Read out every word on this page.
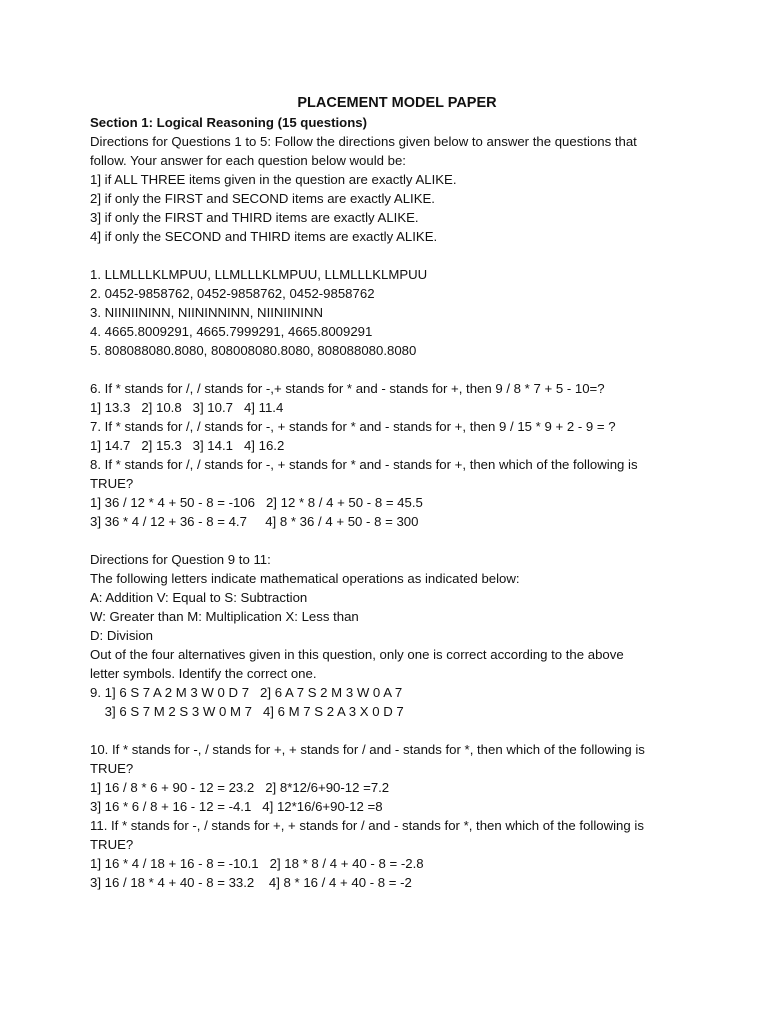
PLACEMENT MODEL PAPER
Section 1: Logical Reasoning (15 questions)
Directions for Questions 1 to 5: Follow the directions given below to answer the questions that
follow. Your answer for each question below would be:
1] if ALL THREE items given in the question are exactly ALIKE.
2] if only the FIRST and SECOND items are exactly ALIKE.
3] if only the FIRST and THIRD items are exactly ALIKE.
4] if only the SECOND and THIRD items are exactly ALIKE.
1. LLMLLLKLMPUU, LLMLLLKLMPUU, LLMLLLKLMPUU
2. 0452-9858762, 0452-9858762, 0452-9858762
3. NIINIININN, NIININNINN, NIINIININN
4. 4665.8009291, 4665.7999291, 4665.8009291
5. 808088080.8080, 808008080.8080, 808088080.8080
6. If * stands for /, / stands for -,+ stands for * and - stands for +, then 9 / 8 * 7 + 5 - 10=?
1] 13.3   2] 10.8   3] 10.7   4] 11.4
7. If * stands for /, / stands for -, + stands for * and - stands for +, then 9 / 15 * 9 + 2 - 9 = ?
1] 14.7   2] 15.3   3] 14.1   4] 16.2
8. If * stands for /, / stands for -, + stands for * and - stands for +, then which of the following is
TRUE?
1] 36 / 12 * 4 + 50 - 8 = -106   2] 12 * 8 / 4 + 50 - 8 = 45.5
3] 36 * 4 / 12 + 36 - 8 = 4.7     4] 8 * 36 / 4 + 50 - 8 = 300
Directions for Question 9 to 11:
The following letters indicate mathematical operations as indicated below:
A: Addition V: Equal to S: Subtraction
W: Greater than M: Multiplication X: Less than
D: Division
Out of the four alternatives given in this question, only one is correct according to the above
letter symbols. Identify the correct one.
9. 1] 6 S 7 A 2 M 3 W 0 D 7   2] 6 A 7 S 2 M 3 W 0 A 7
3] 6 S 7 M 2 S 3 W 0 M 7   4] 6 M 7 S 2 A 3 X 0 D 7
10. If * stands for -, / stands for +, + stands for / and - stands for *, then which of the following is
TRUE?
1] 16 / 8 * 6 + 90 - 12 = 23.2   2] 8*12/6+90-12 =7.2
3] 16 * 6 / 8 + 16 - 12 = -4.1   4] 12*16/6+90-12 =8
11. If * stands for -, / stands for +, + stands for / and - stands for *, then which of the following is
TRUE?
1] 16 * 4 / 18 + 16 - 8 = -10.1   2] 18 * 8 / 4 + 40 - 8 = -2.8
3] 16 / 18 * 4 + 40 - 8 = 33.2    4] 8 * 16 / 4 + 40 - 8 = -2
